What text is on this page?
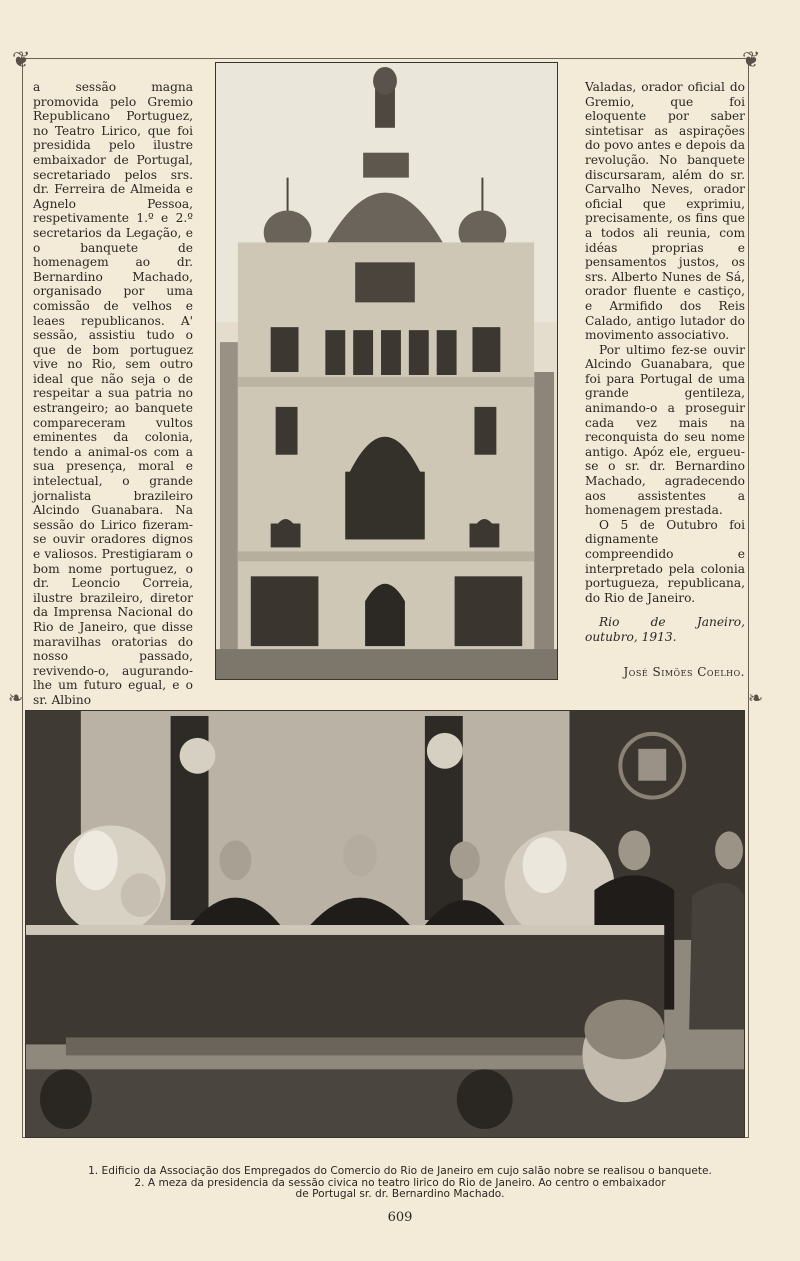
❦	❦
❧	❧

a sessão magna promovida pelo Gremio Republicano Portuguez, no Teatro Lirico, que foi presidida pelo ilustre embaixador de Portugal, secretariado pelos srs. dr. Ferreira de Almeida e Agnelo Pessoa, respetivamente 1.º e 2.º secretarios da Legação, e o banquete de homenagem ao dr. Bernardino Machado, organisado por uma comissão de velhos e leaes republicanos. A' sessão, assistiu tudo o que de bom portuguez vive no Rio, sem outro ideal que não seja o de respeitar a sua patria no estrangeiro; ao banquete compareceram vultos eminentes da colonia, tendo a animal-os com a sua presença, moral e intelectual, o grande jornalista brazileiro Alcindo Guanabara. Na sessão do Lirico fizeram-se ouvir oradores dignos e valiosos. Prestigiaram o bom nome portuguez, o dr. Leoncio Correia, ilustre brazileiro, diretor da Imprensa Nacional do Rio de Janeiro, que disse maravilhas oratorias do nosso passado, revivendo-o, augurando-lhe um futuro egual, e o sr. Albino

Valadas, orador oficial do Gremio, que foi eloquente por saber sintetisar as aspirações do povo antes e depois da revolução. No banquete discursaram, além do sr. Carvalho Neves, orador oficial que exprimiu, precisamente, os fins que a todos ali reunia, com idéas proprias e pensamentos justos, os srs. Alberto Nunes de Sá, orador fluente e castiço, e Armifido dos Reis Calado, antigo lutador do movimento associativo.

Por ultimo fez-se ouvir Alcindo Guanabara, que foi para Portugal de uma grande gentileza, animando-o a proseguir cada vez mais na reconquista do seu nome antigo. Apóz ele, ergueu-se o sr. dr. Bernardino Machado, agradecendo aos assistentes a homenagem prestada.

O 5 de Outubro foi dignamente compreendido e interpretado pela colonia portugueza, republicana, do Rio de Janeiro.

Rio de Janeiro, outubro, 1913.

José Simões Coelho.

1. Edificio da Associação dos Empregados do Comercio do Rio de Janeiro em cujo salão nobre se realisou o banquete.
2. A meza da presidencia da sessão civica no teatro lirico do Rio de Janeiro. Ao centro o embaixador
de Portugal sr. dr. Bernardino Machado.
609
